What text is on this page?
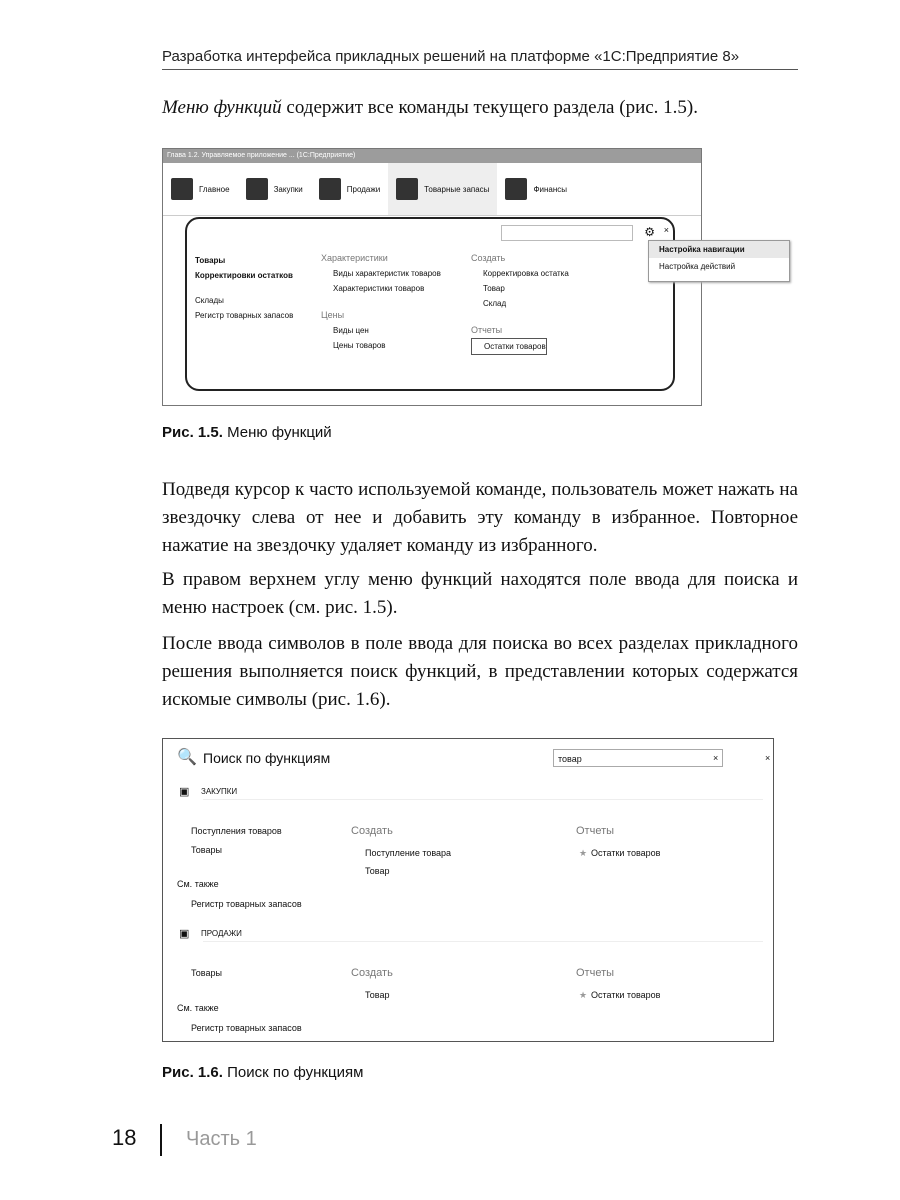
Разработка интерфейса прикладных решений на платформе «1С:Предприятие 8»
Меню функций содержит все команды текущего раздела (рис. 1.5).
Глава 1.2. Управляемое приложение ... (1С:Предприятие)
Главное	Закупки	Продажи	Товарные запасы	Финансы
⚙ ×
Товары
Корректировки остатков
Склады
Регистр товарных запасов
Характеристики
Виды характеристик товаров
Характеристики товаров
Цены
Виды цен
Цены товаров
Создать
Корректировка остатка
Товар
Склад
Отчеты
Остатки товаров
Настройка навигации
Настройка действий
Рис. 1.5. Меню функций
Подведя курсор к часто используемой команде, пользователь может нажать на звездочку слева от нее и добавить эту команду в избранное. Повторное нажатие на звездочку удаляет команду из избранного.
В правом верхнем углу меню функций находятся поле ввода для поиска и меню настроек (см. рис. 1.5).
После ввода символов в поле ввода для поиска во всех разделах прикладного решения выполняется поиск функций, в представлении которых содержатся искомые символы (рис. 1.6).
🔍 Поиск по функциям	товар	×	×
▣ ЗАКУПКИ
Поступления товаров
Товары
См. также
Регистр товарных запасов
Создать
Поступление товара
Товар
Отчеты
★ Остатки товаров
▣ ПРОДАЖИ
Товары
См. также
Регистр товарных запасов
Создать
Товар
Отчеты
★ Остатки товаров
Рис. 1.6. Поиск по функциям
18 Часть 1
